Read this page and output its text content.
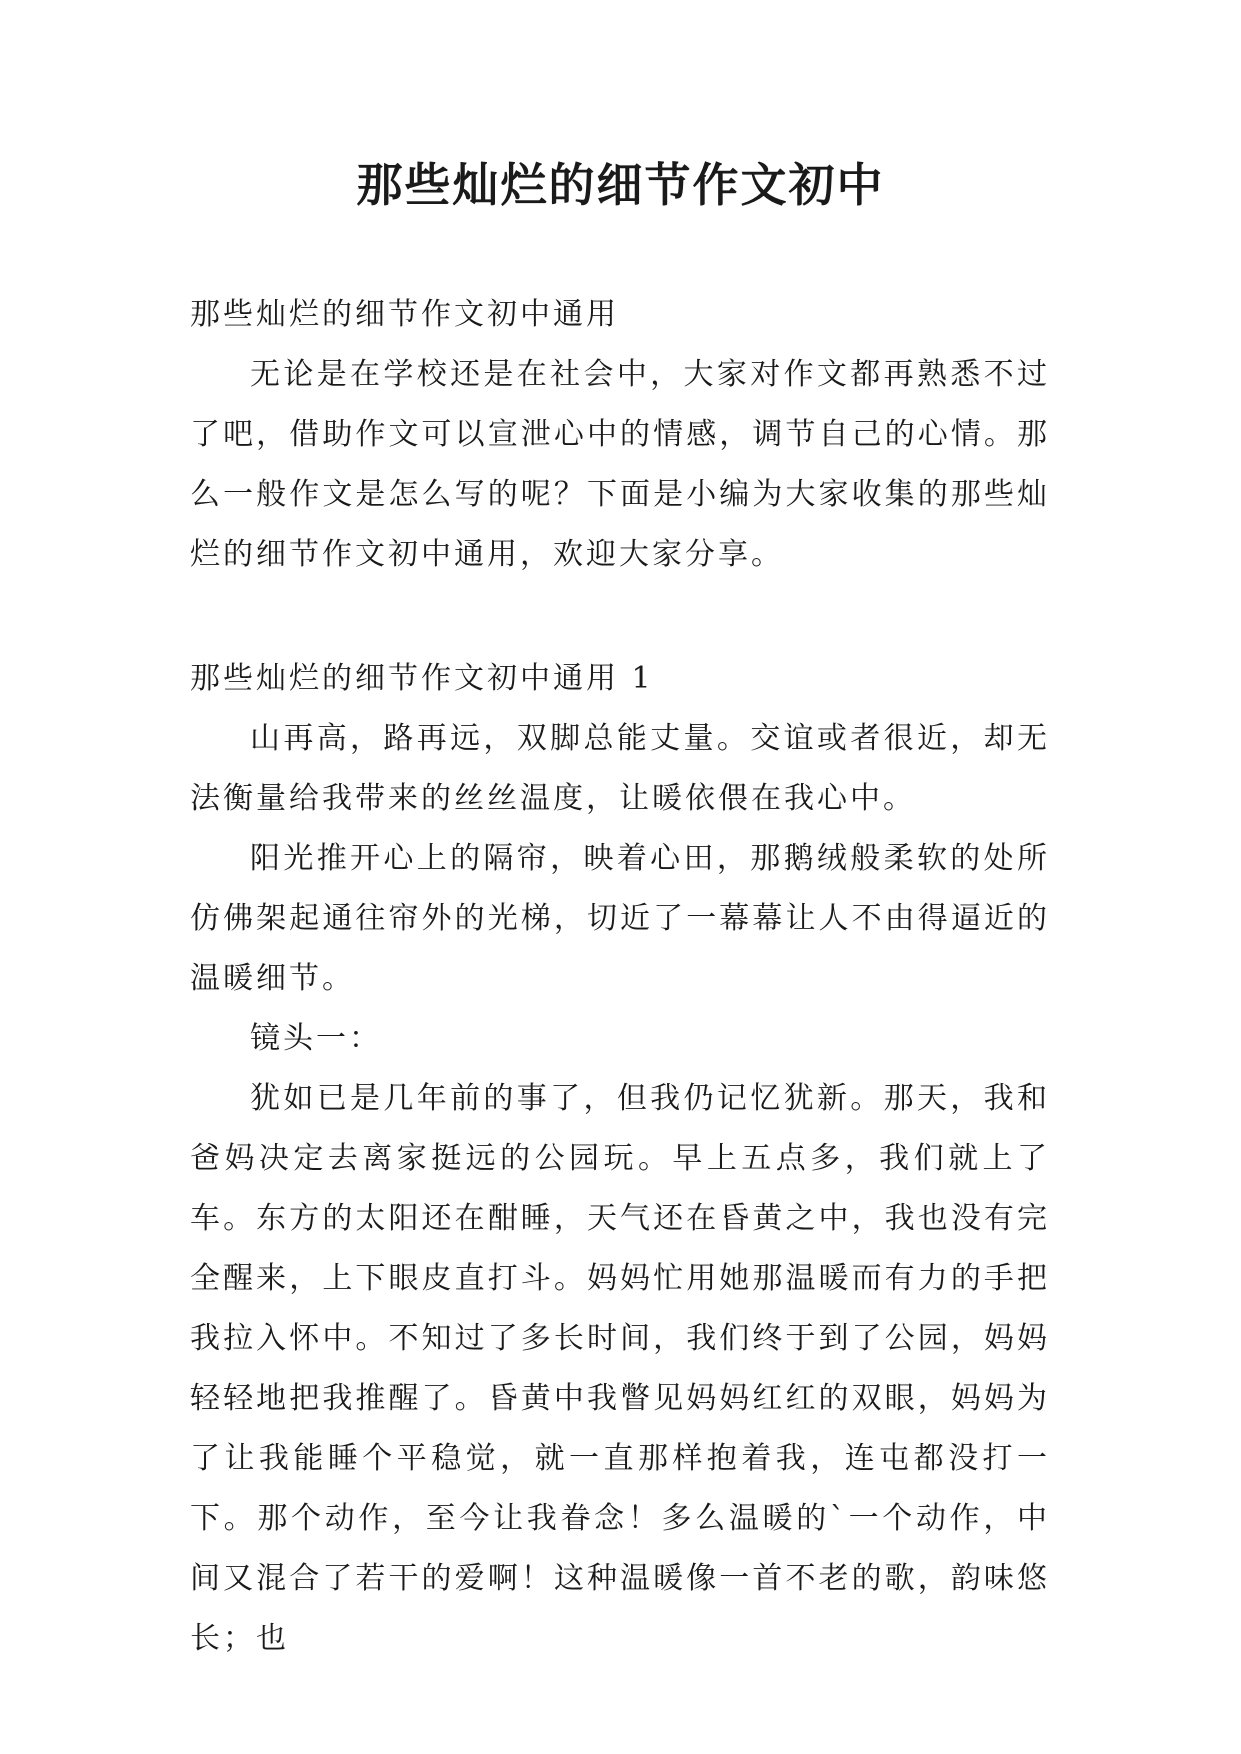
那些灿烂的细节作文初中

那些灿烂的细节作文初中通用

无论是在学校还是在社会中，大家对作文都再熟悉不过了吧，借助作文可以宣泄心中的情感，调节自己的心情。那么一般作文是怎么写的呢？下面是小编为大家收集的那些灿烂的细节作文初中通用，欢迎大家分享。

那些灿烂的细节作文初中通用 1

山再高，路再远，双脚总能丈量。交谊或者很近，却无法衡量给我带来的丝丝温度，让暖依偎在我心中。

阳光推开心上的隔帘，映着心田，那鹅绒般柔软的处所仿佛架起通往帘外的光梯，切近了一幕幕让人不由得逼近的温暖细节。

镜头一：

犹如已是几年前的事了，但我仍记忆犹新。那天，我和爸妈决定去离家挺远的公园玩。早上五点多，我们就上了车。东方的太阳还在酣睡，天气还在昏黄之中，我也没有完全醒来，上下眼皮直打斗。妈妈忙用她那温暖而有力的手把我拉入怀中。不知过了多长时间，我们终于到了公园，妈妈轻轻地把我推醒了。昏黄中我瞥见妈妈红红的双眼，妈妈为了让我能睡个平稳觉，就一直那样抱着我，连屯都没打一下。那个动作，至今让我眷念！多么温暖的`一个动作，中间又混合了若干的爱啊！这种温暖像一首不老的歌，韵味悠长；也
